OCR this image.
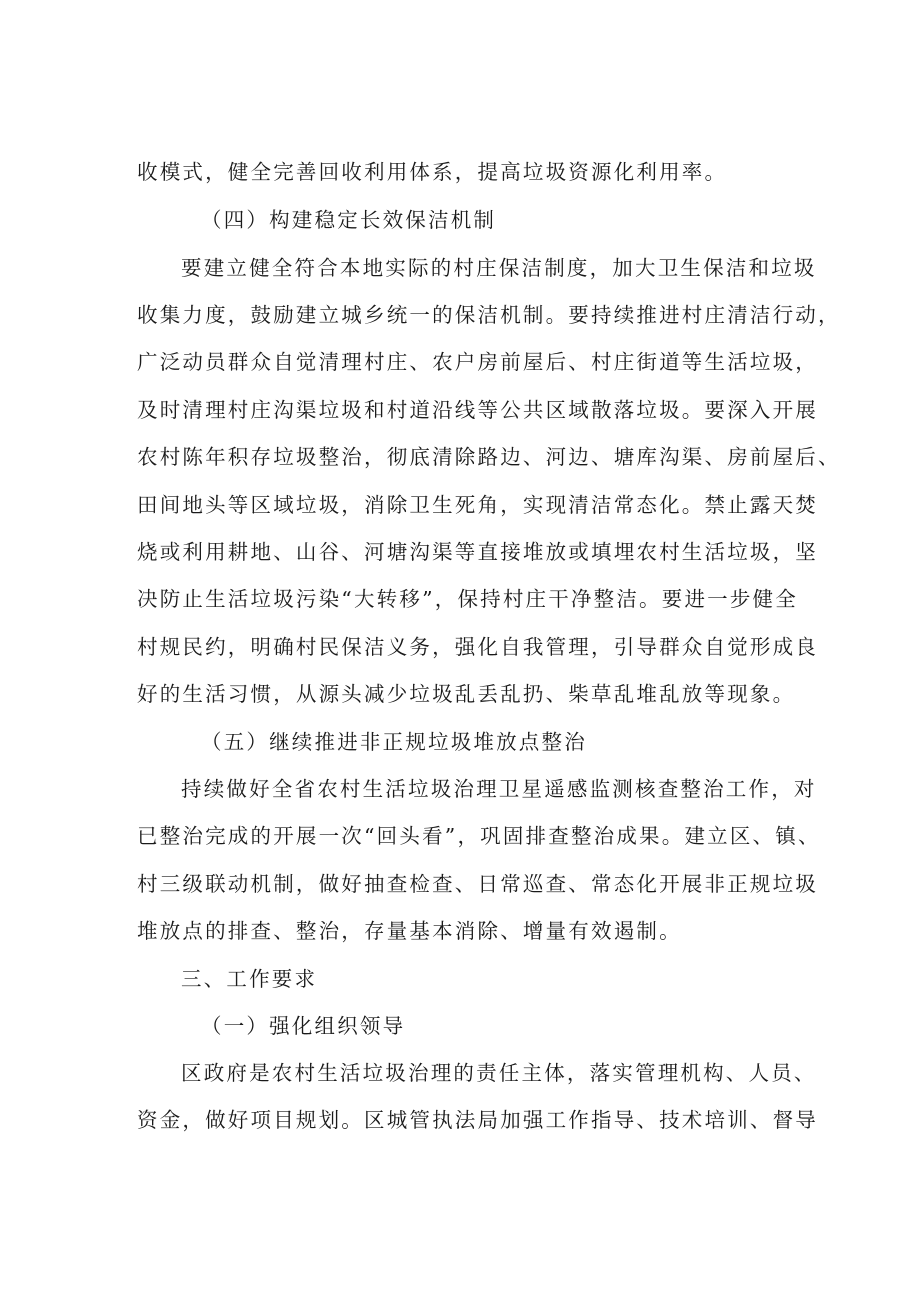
收模式，健全完善回收利用体系，提高垃圾资源化利用率。
（四）构建稳定长效保洁机制
要建立健全符合本地实际的村庄保洁制度，加大卫生保洁和垃圾
收集力度，鼓励建立城乡统一的保洁机制。要持续推进村庄清洁行动，
广泛动员群众自觉清理村庄、农户房前屋后、村庄街道等生活垃圾，
及时清理村庄沟渠垃圾和村道沿线等公共区域散落垃圾。要深入开展
农村陈年积存垃圾整治，彻底清除路边、河边、塘库沟渠、房前屋后、
田间地头等区域垃圾，消除卫生死角，实现清洁常态化。禁止露天焚
烧或利用耕地、山谷、河塘沟渠等直接堆放或填埋农村生活垃圾，坚
决防止生活垃圾污染“大转移”，保持村庄干净整洁。要进一步健全
村规民约，明确村民保洁义务，强化自我管理，引导群众自觉形成良
好的生活习惯，从源头减少垃圾乱丢乱扔、柴草乱堆乱放等现象。
（五）继续推进非正规垃圾堆放点整治
持续做好全省农村生活垃圾治理卫星遥感监测核查整治工作，对
已整治完成的开展一次“回头看”，巩固排查整治成果。建立区、镇、
村三级联动机制，做好抽查检查、日常巡查、常态化开展非正规垃圾
堆放点的排查、整治，存量基本消除、增量有效遏制。
三、工作要求
（一）强化组织领导
区政府是农村生活垃圾治理的责任主体，落实管理机构、人员、
资金，做好项目规划。区城管执法局加强工作指导、技术培训、督导
